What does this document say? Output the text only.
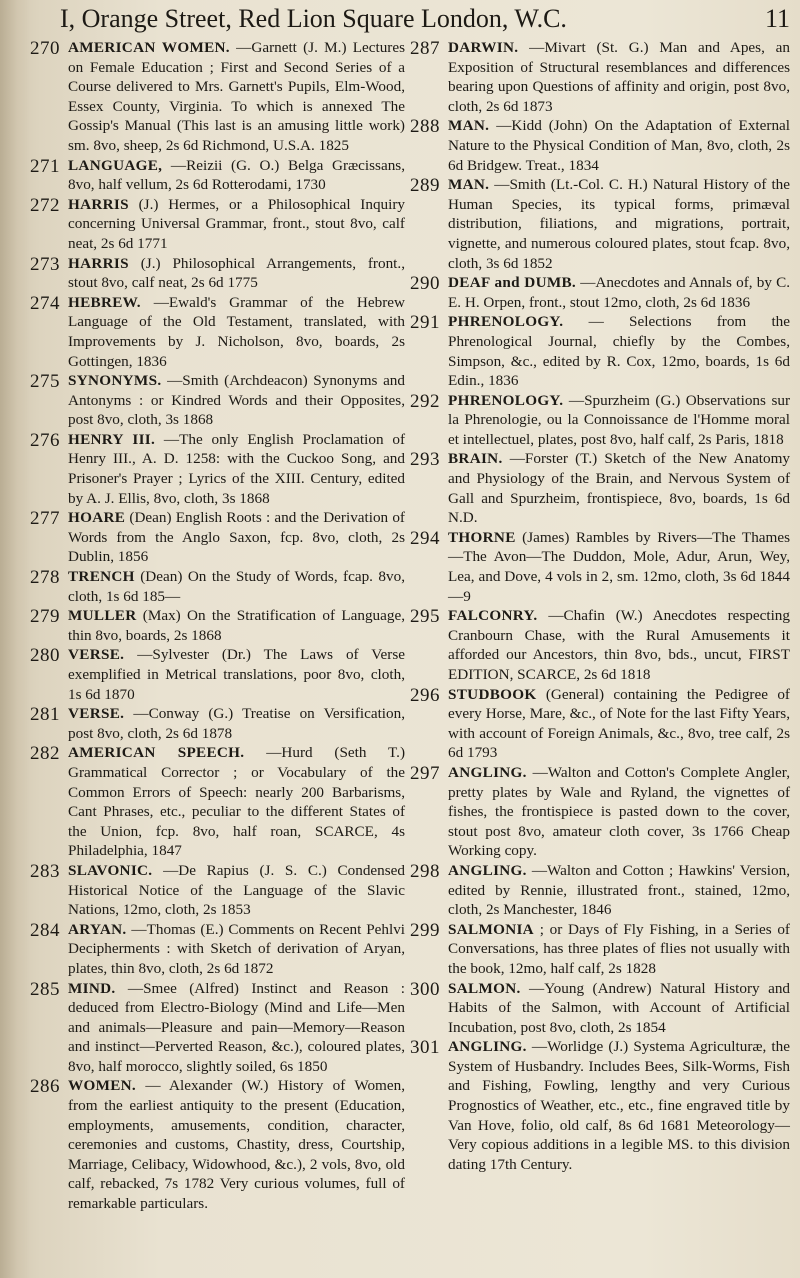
I, Orange Street, Red Lion Square London, W.C.	11
270 AMERICAN WOMEN. —Garnett (J. M.) Lectures on Female Education ; First and Second Series of a Course delivered to Mrs. Garnett's Pupils, Elm-Wood, Essex County, Virginia. To which is annexed The Gossip's Manual (This last is an amusing little work) sm. 8vo, sheep, 2s 6d Richmond, U.S.A. 1825
271 LANGUAGE, —Reizii (G. O.) Belga Græcissans, 8vo, half vellum, 2s 6d Rotterodami, 1730
272 HARRIS (J.) Hermes, or a Philosophical Inquiry concerning Universal Grammar, front., stout 8vo, calf neat, 2s 6d 1771
273 HARRIS (J.) Philosophical Arrangements, front., stout 8vo, calf neat, 2s 6d 1775
274 HEBREW. —Ewald's Grammar of the Hebrew Language of the Old Testament, translated, with Improvements by J. Nicholson, 8vo, boards, 2s Gottingen, 1836
275 SYNONYMS. —Smith (Archdeacon) Synonyms and Antonyms : or Kindred Words and their Opposites, post 8vo, cloth, 3s 1868
276 HENRY III. —The only English Proclamation of Henry III., A. D. 1258: with the Cuckoo Song, and Prisoner's Prayer ; Lyrics of the XIII. Century, edited by A. J. Ellis, 8vo, cloth, 3s 1868
277 HOARE (Dean) English Roots : and the Derivation of Words from the Anglo Saxon, fcp. 8vo, cloth, 2s Dublin, 1856
278 TRENCH (Dean) On the Study of Words, fcap. 8vo, cloth, 1s 6d 185—
279 MULLER (Max) On the Stratification of Language, thin 8vo, boards, 2s 1868
280 VERSE. —Sylvester (Dr.) The Laws of Verse exemplified in Metrical translations, poor 8vo, cloth, 1s 6d 1870
281 VERSE. —Conway (G.) Treatise on Versification, post 8vo, cloth, 2s 6d 1878
282 AMERICAN SPEECH. —Hurd (Seth T.) Grammatical Corrector ; or Vocabulary of the Common Errors of Speech: nearly 200 Barbarisms, Cant Phrases, etc., peculiar to the different States of the Union, fcp. 8vo, half roan, SCARCE, 4s Philadelphia, 1847
283 SLAVONIC. —De Rapius (J. S. C.) Condensed Historical Notice of the Language of the Slavic Nations, 12mo, cloth, 2s 1853
284 ARYAN. —Thomas (E.) Comments on Recent Pehlvi Decipherments : with Sketch of derivation of Aryan, plates, thin 8vo, cloth, 2s 6d 1872
285 MIND. —Smee (Alfred) Instinct and Reason : deduced from Electro-Biology (Mind and Life—Men and animals—Pleasure and pain—Memory—Reason and instinct—Perverted Reason, &c.), coloured plates, 8vo, half morocco, slightly soiled, 6s 1850
286 WOMEN. — Alexander (W.) History of Women, from the earliest antiquity to the present (Education, employments, amusements, condition, character, ceremonies and customs, Chastity, dress, Courtship, Marriage, Celibacy, Widowhood, &c.), 2 vols, 8vo, old calf, rebacked, 7s 1782 Very curious volumes, full of remarkable particulars.
287 DARWIN. —Mivart (St. G.) Man and Apes, an Exposition of Structural resemblances and differences bearing upon Questions of affinity and origin, post 8vo, cloth, 2s 6d 1873
288 MAN. —Kidd (John) On the Adaptation of External Nature to the Physical Condition of Man, 8vo, cloth, 2s 6d Bridgew. Treat., 1834
289 MAN. —Smith (Lt.-Col. C. H.) Natural History of the Human Species, its typical forms, primæval distribution, filiations, and migrations, portrait, vignette, and numerous coloured plates, stout fcap. 8vo, cloth, 3s 6d 1852
290 DEAF and DUMB. —Anecdotes and Annals of, by C. E. H. Orpen, front., stout 12mo, cloth, 2s 6d 1836
291 PHRENOLOGY. — Selections from the Phrenological Journal, chiefly by the Combes, Simpson, &c., edited by R. Cox, 12mo, boards, 1s 6d Edin., 1836
292 PHRENOLOGY. —Spurzheim (G.) Observations sur la Phrenologie, ou la Connoissance de l'Homme moral et intellectuel, plates, post 8vo, half calf, 2s Paris, 1818
293 BRAIN. —Forster (T.) Sketch of the New Anatomy and Physiology of the Brain, and Nervous System of Gall and Spurzheim, frontispiece, 8vo, boards, 1s 6d N.D.
294 THORNE (James) Rambles by Rivers—The Thames—The Avon—The Duddon, Mole, Adur, Arun, Wey, Lea, and Dove, 4 vols in 2, sm. 12mo, cloth, 3s 6d 1844—9
295 FALCONRY. —Chafin (W.) Anecdotes respecting Cranbourn Chase, with the Rural Amusements it afforded our Ancestors, thin 8vo, bds., uncut, FIRST EDITION, SCARCE, 2s 6d 1818
296 STUDBOOK (General) containing the Pedigree of every Horse, Mare, &c., of Note for the last Fifty Years, with account of Foreign Animals, &c., 8vo, tree calf, 2s 6d 1793
297 ANGLING. —Walton and Cotton's Complete Angler, pretty plates by Wale and Ryland, the vignettes of fishes, the frontispiece is pasted down to the cover, stout post 8vo, amateur cloth cover, 3s 1766 Cheap Working copy.
298 ANGLING. —Walton and Cotton ; Hawkins' Version, edited by Rennie, illustrated front., stained, 12mo, cloth, 2s Manchester, 1846
299 SALMONIA ; or Days of Fly Fishing, in a Series of Conversations, has three plates of flies not usually with the book, 12mo, half calf, 2s 1828
300 SALMON. —Young (Andrew) Natural History and Habits of the Salmon, with Account of Artificial Incubation, post 8vo, cloth, 2s 1854
301 ANGLING. —Worlidge (J.) Systema Agriculturæ, the System of Husbandry. Includes Bees, Silk-Worms, Fish and Fishing, Fowling, lengthy and very Curious Prognostics of Weather, etc., etc., fine engraved title by Van Hove, folio, old calf, 8s 6d 1681 Meteorology—Very copious additions in a legible MS. to this division dating 17th Century.
